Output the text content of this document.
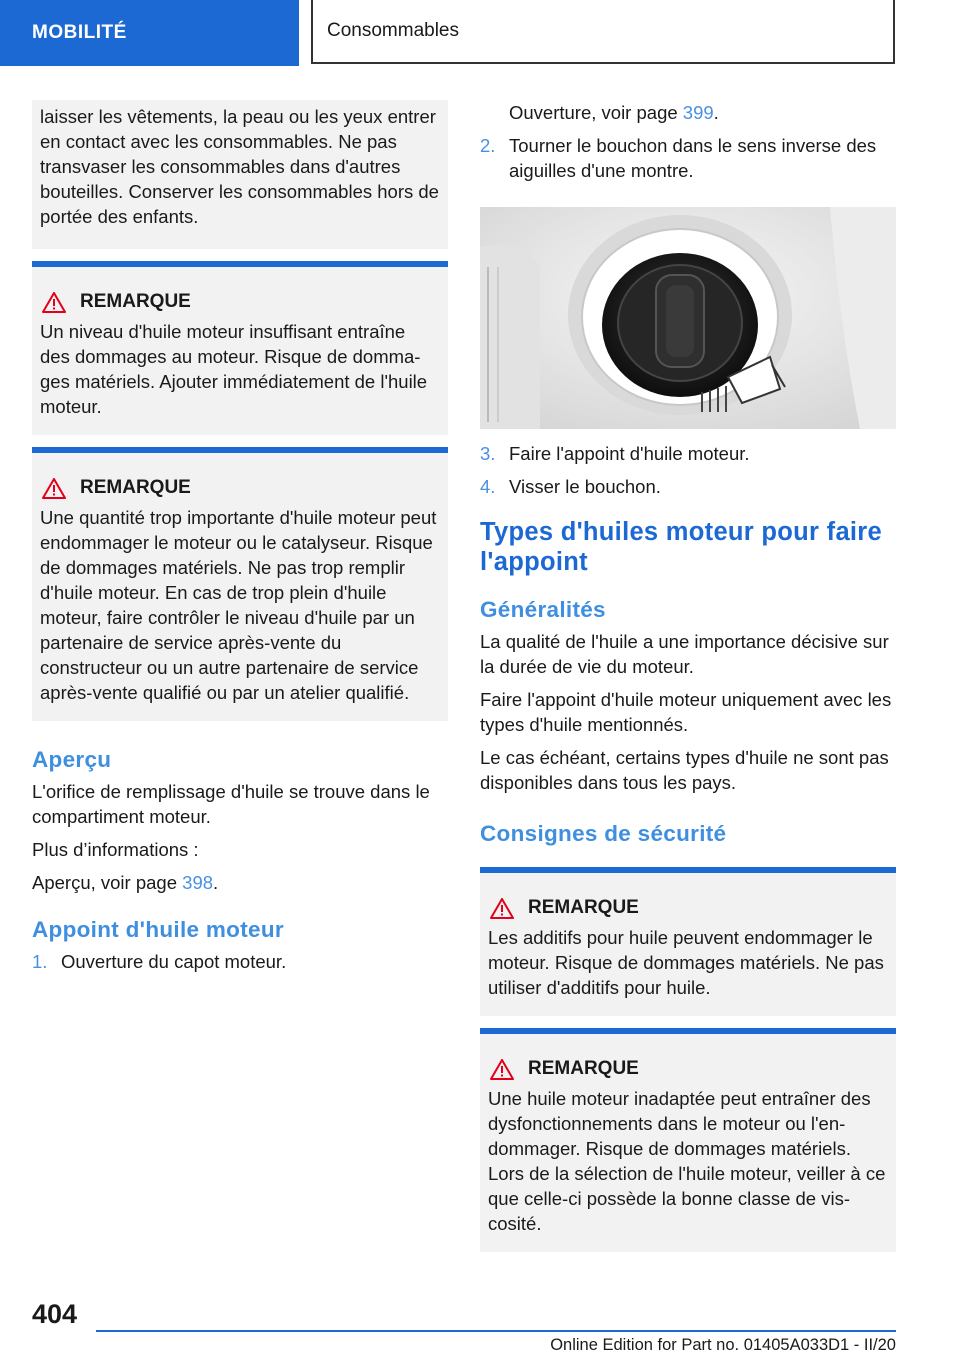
MOBILITÉ	Consommables

laisser les vêtements, la peau ou les yeux entrer en contact avec les consommables. Ne pas transvaser les consommables dans d'autres bouteilles. Conserver les consommables hors de portée des enfants.

REMARQUE

Un niveau d'huile moteur insuffisant entraîne des dommages au moteur. Risque de domma-ges matériels. Ajouter immédiatement de l'huile moteur.

REMARQUE

Une quantité trop importante d'huile moteur peut endommager le moteur ou le catalyseur. Risque de dommages matériels. Ne pas trop remplir d'huile moteur. En cas de trop plein d'huile moteur, faire contrôler le niveau d'huile par un partenaire de service après-vente du constructeur ou un autre partenaire de service après-vente qualifié ou par un atelier qualifié.

Aperçu

L'orifice de remplissage d'huile se trouve dans le compartiment moteur.

Plus d’informations :

Aperçu, voir page 398.

Appoint d'huile moteur
1. Ouverture du capot moteur.
Ouverture, voir page 399.
2. Tourner le bouchon dans le sens inverse des aiguilles d'une montre.
3. Faire l'appoint d'huile moteur.
4. Visser le bouchon.
Types d'huiles moteur pour faire l'appoint
Généralités

La qualité de l'huile a une importance décisive sur la durée de vie du moteur.

Faire l'appoint d'huile moteur uniquement avec les types d'huile mentionnés.

Le cas échéant, certains types d'huile ne sont pas disponibles dans tous les pays.

Consignes de sécurité
REMARQUE

Les additifs pour huile peuvent endommager le moteur. Risque de dommages matériels. Ne pas utiliser d'additifs pour huile.

REMARQUE

Une huile moteur inadaptée peut entraîner des dysfonctionnements dans le moteur ou l'en-dommager. Risque de dommages matériels. Lors de la sélection de l'huile moteur, veiller à ce que celle-ci possède la bonne classe de vis-cosité.

404
Online Edition for Part no. 01405A033D1 - II/20
